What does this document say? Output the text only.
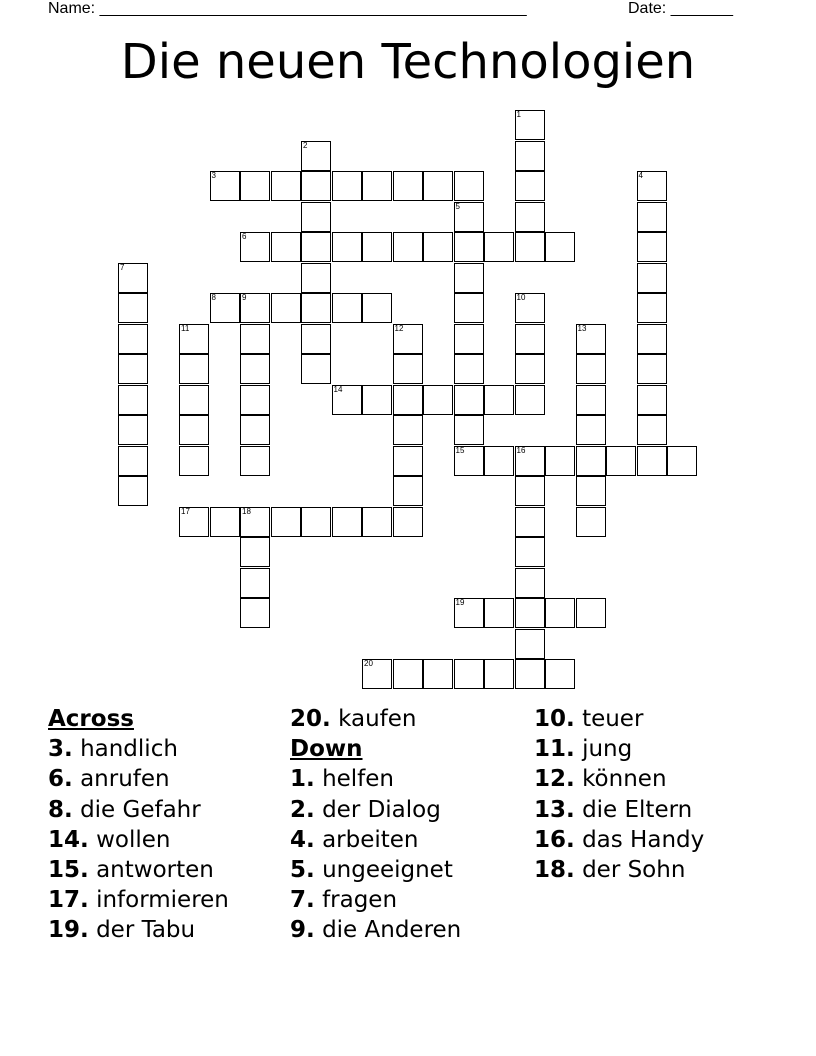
Name: ________________________________________________	Date: _______
Die neuen Technologien
1
2
3	4
5
15
6
7
8	9	10
11	12	13
14
16
17	18
19
20
Across
3. handlich
6. anrufen
8. die Gefahr
14. wollen
15. antworten
17. informieren
19. der Tabu
20. kaufen
Down
1. helfen
2. der Dialog
4. arbeiten
5. ungeeignet
7. fragen
9. die Anderen
10. teuer
11. jung
12. können
13. die Eltern
16. das Handy
18. der Sohn
